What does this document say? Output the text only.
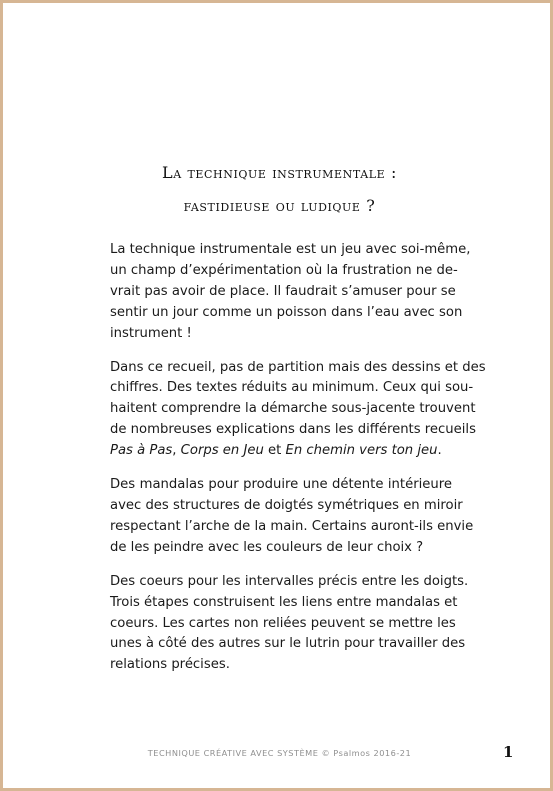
La technique instrumentale :
fastidieuse ou ludique ?

La technique instrumentale est un jeu avec soi-même,
un champ d’expérimentation où la frustration ne de-
vrait pas avoir de place. Il faudrait s’amuser pour se
sentir un jour comme un poisson dans l’eau avec son
instrument !

Dans ce recueil, pas de partition mais des dessins et des
chiffres. Des textes réduits au minimum. Ceux qui sou-
haitent comprendre la démarche sous-jacente trouvent
de nombreuses explications dans les différents recueils
Pas à Pas, Corps en Jeu et En chemin vers ton jeu.

Des mandalas pour produire une détente intérieure
avec des structures de doigtés symétriques en miroir
respectant l’arche de la main. Certains auront-ils envie
de les peindre avec les couleurs de leur choix ?

Des coeurs pour les intervalles précis entre les doigts.
Trois étapes construisent les liens entre mandalas et
coeurs. Les cartes non reliées peuvent se mettre les
unes à côté des autres sur le lutrin pour travailler des
relations précises.

TECHNIQUE CRÉATIVE AVEC SYSTÈME © Psalmos 2016-21	1
